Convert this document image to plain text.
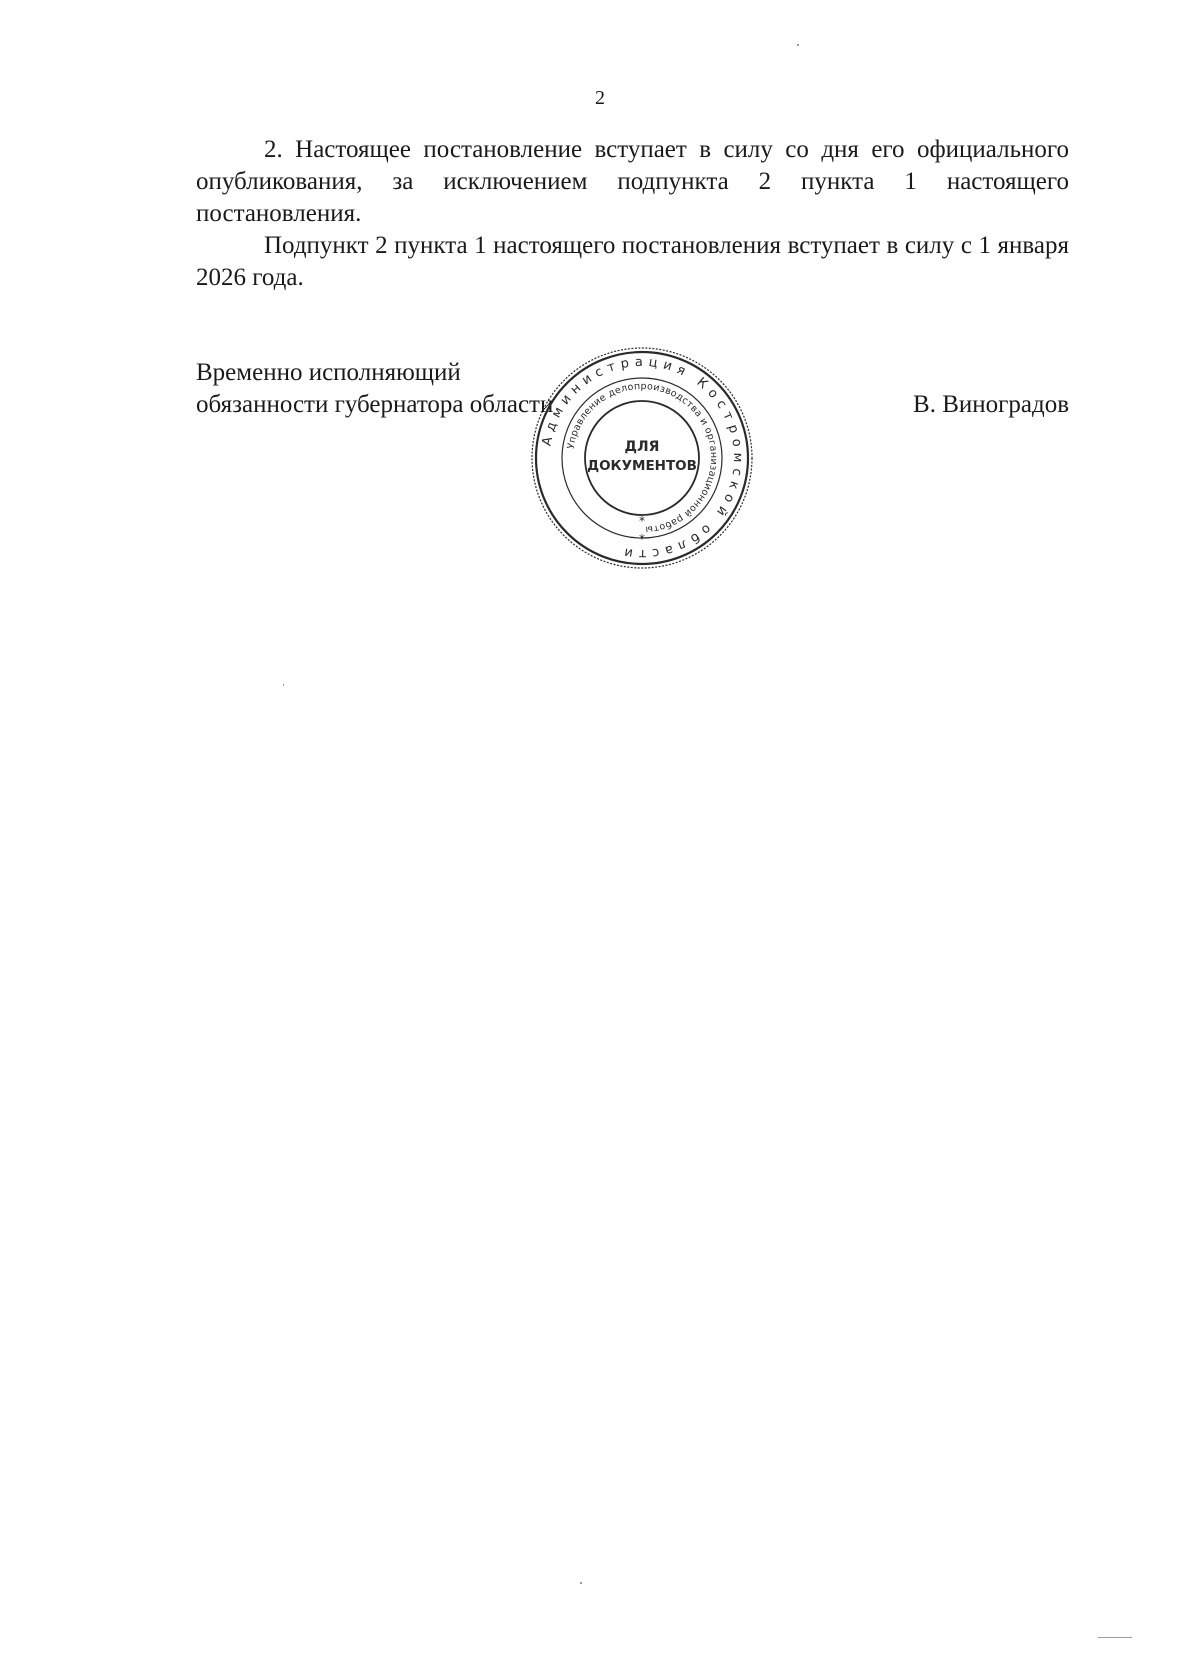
2

2. Настоящее постановление вступает в силу со дня его официального опубликования, за исключением подпункта 2 пункта 1 настоящего постановления.

Подпункт 2 пункта 1 настоящего постановления вступает в силу с 1 января 2026 года.

Временно исполняющий
обязанности губернатора области	В. Виноградов
Администрация Костромской области
Управление делопроизводства и организационной работы
ДЛЯ
ДОКУМЕНТОВ
*
*
